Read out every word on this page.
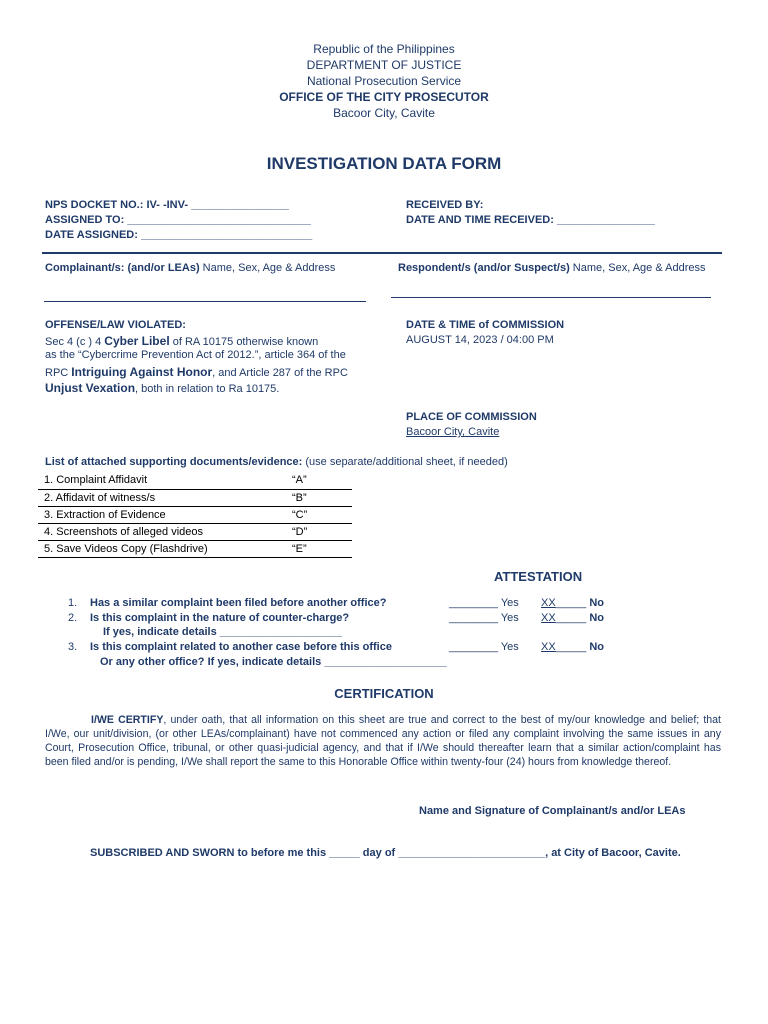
Republic of the Philippines
DEPARTMENT OF JUSTICE
National Prosecution Service
OFFICE OF THE CITY PROSECUTOR
Bacoor City, Cavite
INVESTIGATION DATA FORM
NPS DOCKET NO.: IV- -INV- ________________
ASSIGNED TO: ______________________________
DATE ASSIGNED: ____________________________
RECEIVED BY:
DATE AND TIME RECEIVED: ________________
Complainant/s: (and/or LEAs) Name, Sex, Age & Address	Respondent/s (and/or Suspect/s) Name, Sex, Age & Address
OFFENSE/LAW VIOLATED:
Sec 4 (c ) 4 Cyber Libel of RA 10175 otherwise known
as the “Cybercrime Prevention Act of 2012.”, article 364 of the
RPC Intriguing Against Honor, and Article 287 of the RPC
Unjust Vexation, both in relation to Ra 10175.
DATE & TIME of COMMISSION
AUGUST 14, 2023 / 04:00 PM
PLACE OF COMMISSION
Bacoor City, Cavite
List of attached supporting documents/evidence: (use separate/additional sheet, if needed)
1. Complaint Affidavit	“A”
2. Affidavit of witness/s	“B”
3. Extraction of Evidence	“C”
4. Screenshots of alleged videos	“D”
5. Save Videos Copy (Flashdrive)	“E”
ATTESTATION
1. Has a similar complaint been filed before another office?	________ Yes XX_____ No
2. Is this complaint in the nature of counter-charge?	________ Yes XX_____ No
If yes, indicate details ____________________
3. Is this complaint related to another case before this office	________ Yes XX_____ No
Or any other office? If yes, indicate details ____________________
CERTIFICATION
I/WE CERTIFY, under oath, that all information on this sheet are true and correct to the best of my/our knowledge and belief; that I/We, our unit/division, (or other LEAs/complainant) have not commenced any action or filed any complaint involving the same issues in any Court, Prosecution Office, tribunal, or other quasi-judicial agency, and that if I/We should thereafter learn that a similar action/complaint has been filed and/or is pending, I/We shall report the same to this Honorable Office within twenty-four (24) hours from knowledge thereof.
Name and Signature of Complainant/s and/or LEAs
SUBSCRIBED AND SWORN to before me this _____ day of ________________________, at City of Bacoor, Cavite.
